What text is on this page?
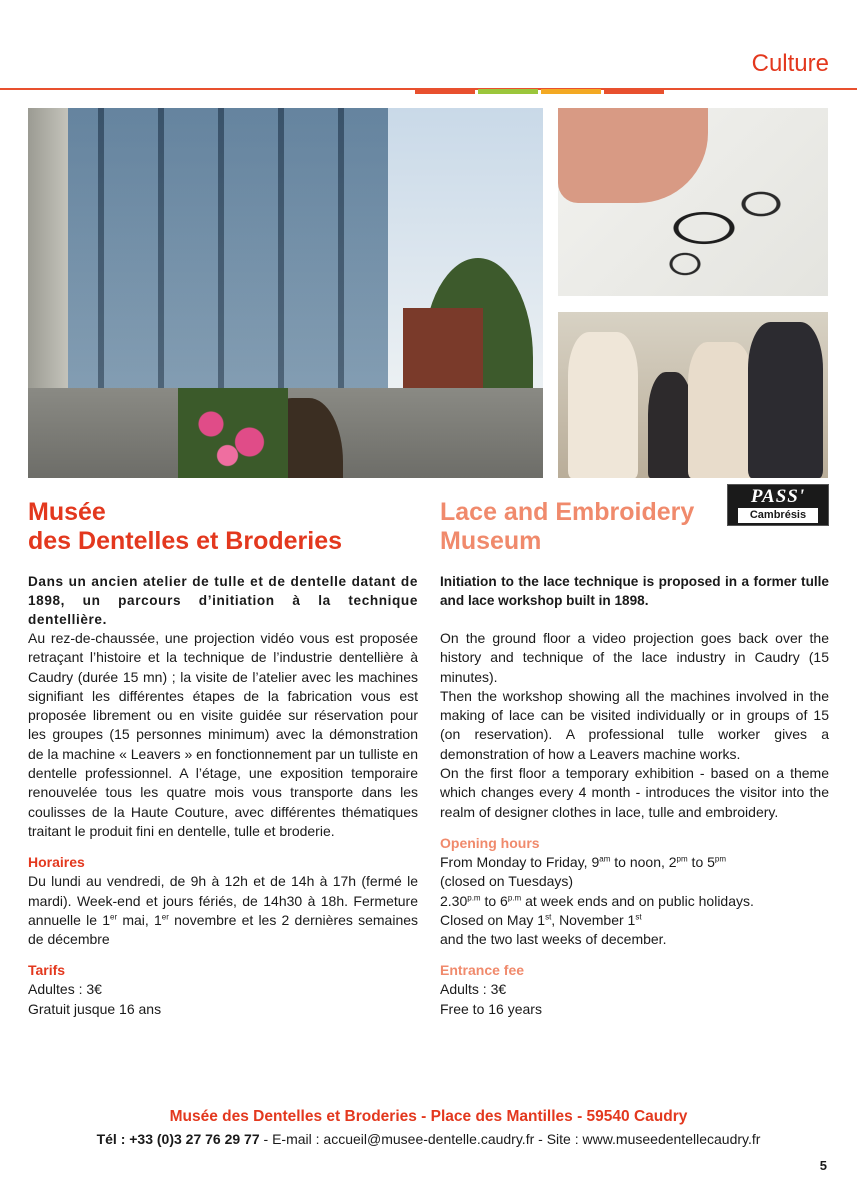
Culture
PASS'
Cambrésis
Musée
des Dentelles et Broderies
Dans un ancien atelier de tulle et de dentelle datant de 1898, un parcours d’initiation à la technique dentellière.
Au rez-de-chaussée, une projection vidéo vous est proposée retraçant l’histoire et la technique de l’industrie dentellière à Caudry (durée 15 mn) ; la visite de l’atelier avec les machines signifiant les différentes étapes de la fabrication vous est proposée librement ou en visite guidée sur réservation pour les groupes (15 personnes minimum) avec la démonstration de la machine « Leavers » en fonctionnement par un tulliste en dentelle professionnel. A l’étage, une exposition temporaire renouvelée tous les quatre mois vous transporte dans les coulisses de la Haute Couture, avec différentes thématiques traitant le produit fini en dentelle, tulle et broderie.
Horaires
Du lundi au vendredi, de 9h à 12h et de 14h à 17h (fermé le mardi). Week-end et jours fériés, de 14h30 à 18h. Fermeture annuelle le 1er mai, 1er novembre et les 2 dernières semaines de décembre
Tarifs
Adultes : 3€
Gratuit jusque 16 ans
Lace and Embroidery
Museum
Initiation to the lace technique is proposed in a former tulle and lace workshop built in 1898.
On the ground floor a video projection goes back over the history and technique of the lace industry in Caudry (15 minutes).
Then the workshop showing all the machines involved in the making of lace can be visited individually or in groups of 15 (on reservation). A professional tulle worker gives a demonstration of how a Leavers machine works.
On the first floor a temporary exhibition - based on a theme which changes every 4 month - introduces the visitor into the realm of designer clothes in lace, tulle and embroidery.
Opening hours
From Monday to Friday, $9^{am}$ to noon, $2^{pm}$ to $5^{pm}$
(closed on Tuesdays)
$2.30^{p.m}$ to $6^{p.m}$ at week ends and on public holidays.
Closed on May 1st, November 1st
and the two last weeks of december.
Entrance fee
Adults : 3€
Free to 16 years
Musée des Dentelles et Broderies - Place des Mantilles - 59540 Caudry
Tél : +33 (0)3 27 76 29 77 - E-mail : accueil@musee-dentelle.caudry.fr - Site : www.museedentellecaudry.fr
5
